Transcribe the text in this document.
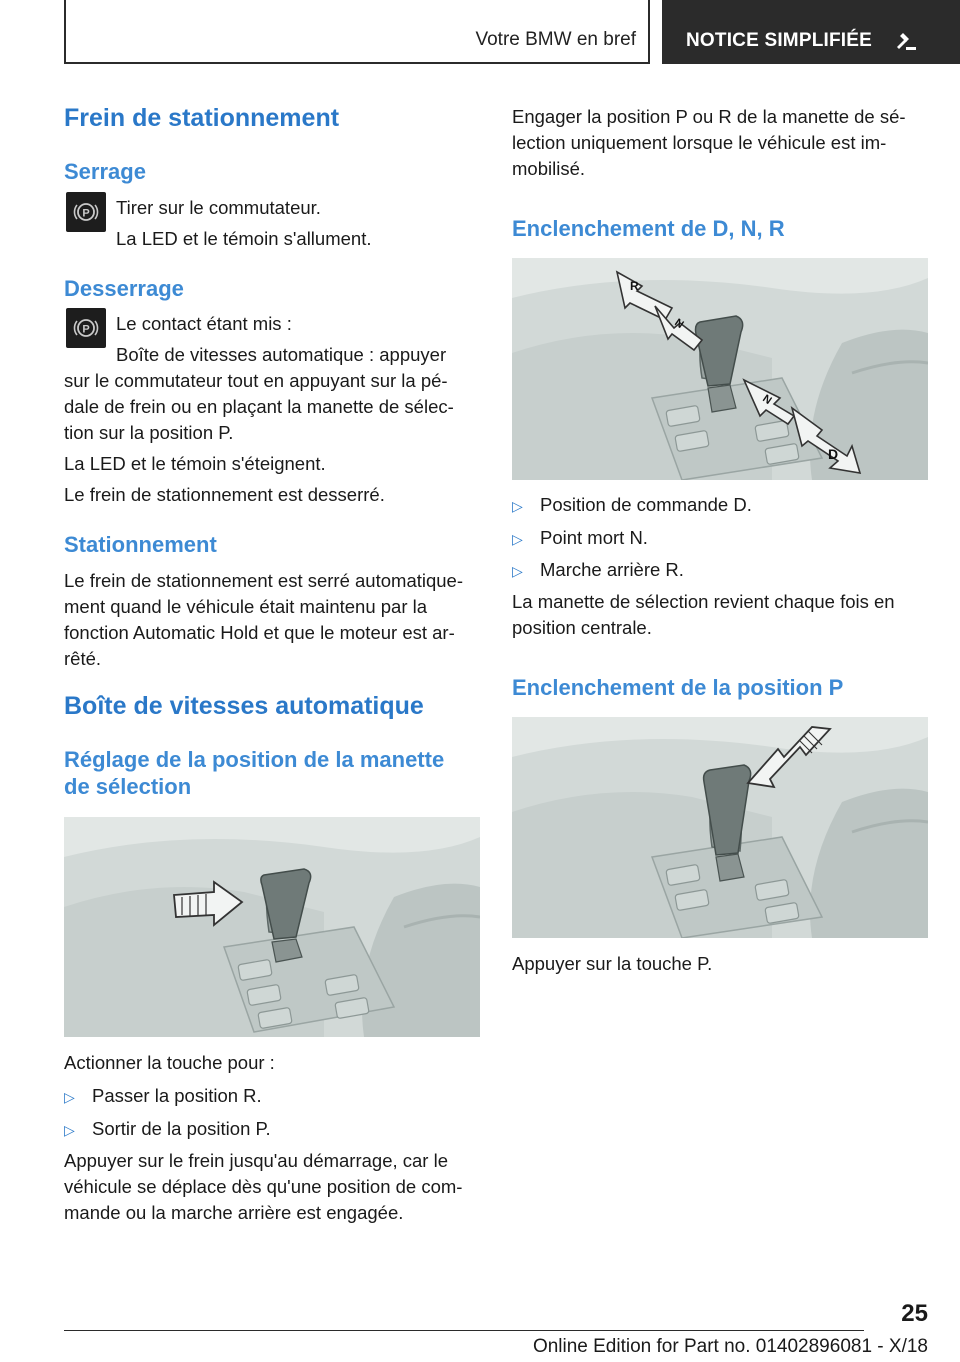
Votre BMW en bref	NOTICE SIMPLIFIÉE
Frein de stationnement
Serrage
P Tirer sur le commutateur.
La LED et le témoin s'allument.
Desserrage
P Le contact étant mis :
Boîte de vitesses automatique : appuyer
sur le commutateur tout en appuyant sur la pé‐
dale de frein ou en plaçant la manette de sélec‐
tion sur la position P.
La LED et le témoin s'éteignent.
Le frein de stationnement est desserré.
Stationnement
Le frein de stationnement est serré automatique‐
ment quand le véhicule était maintenu par la
fonction Automatic Hold et que le moteur est ar‐
rêté.
Boîte de vitesses automatique
Réglage de la position de la manette
de sélection
Actionner la touche pour :
▷ Passer la position R.
▷ Sortir de la position P.
Appuyer sur le frein jusqu'au démarrage, car le
véhicule se déplace dès qu'une position de com‐
mande ou la marche arrière est engagée.
Engager la position P ou R de la manette de sé‐
lection uniquement lorsque le véhicule est im‐
mobilisé.
Enclenchement de D, N, R
R
N
N
D
▷ Position de commande D.
▷ Point mort N.
▷ Marche arrière R.
La manette de sélection revient chaque fois en
position centrale.
Enclenchement de la position P
Appuyer sur la touche P.
25
Online Edition for Part no. 01402896081 - X/18
